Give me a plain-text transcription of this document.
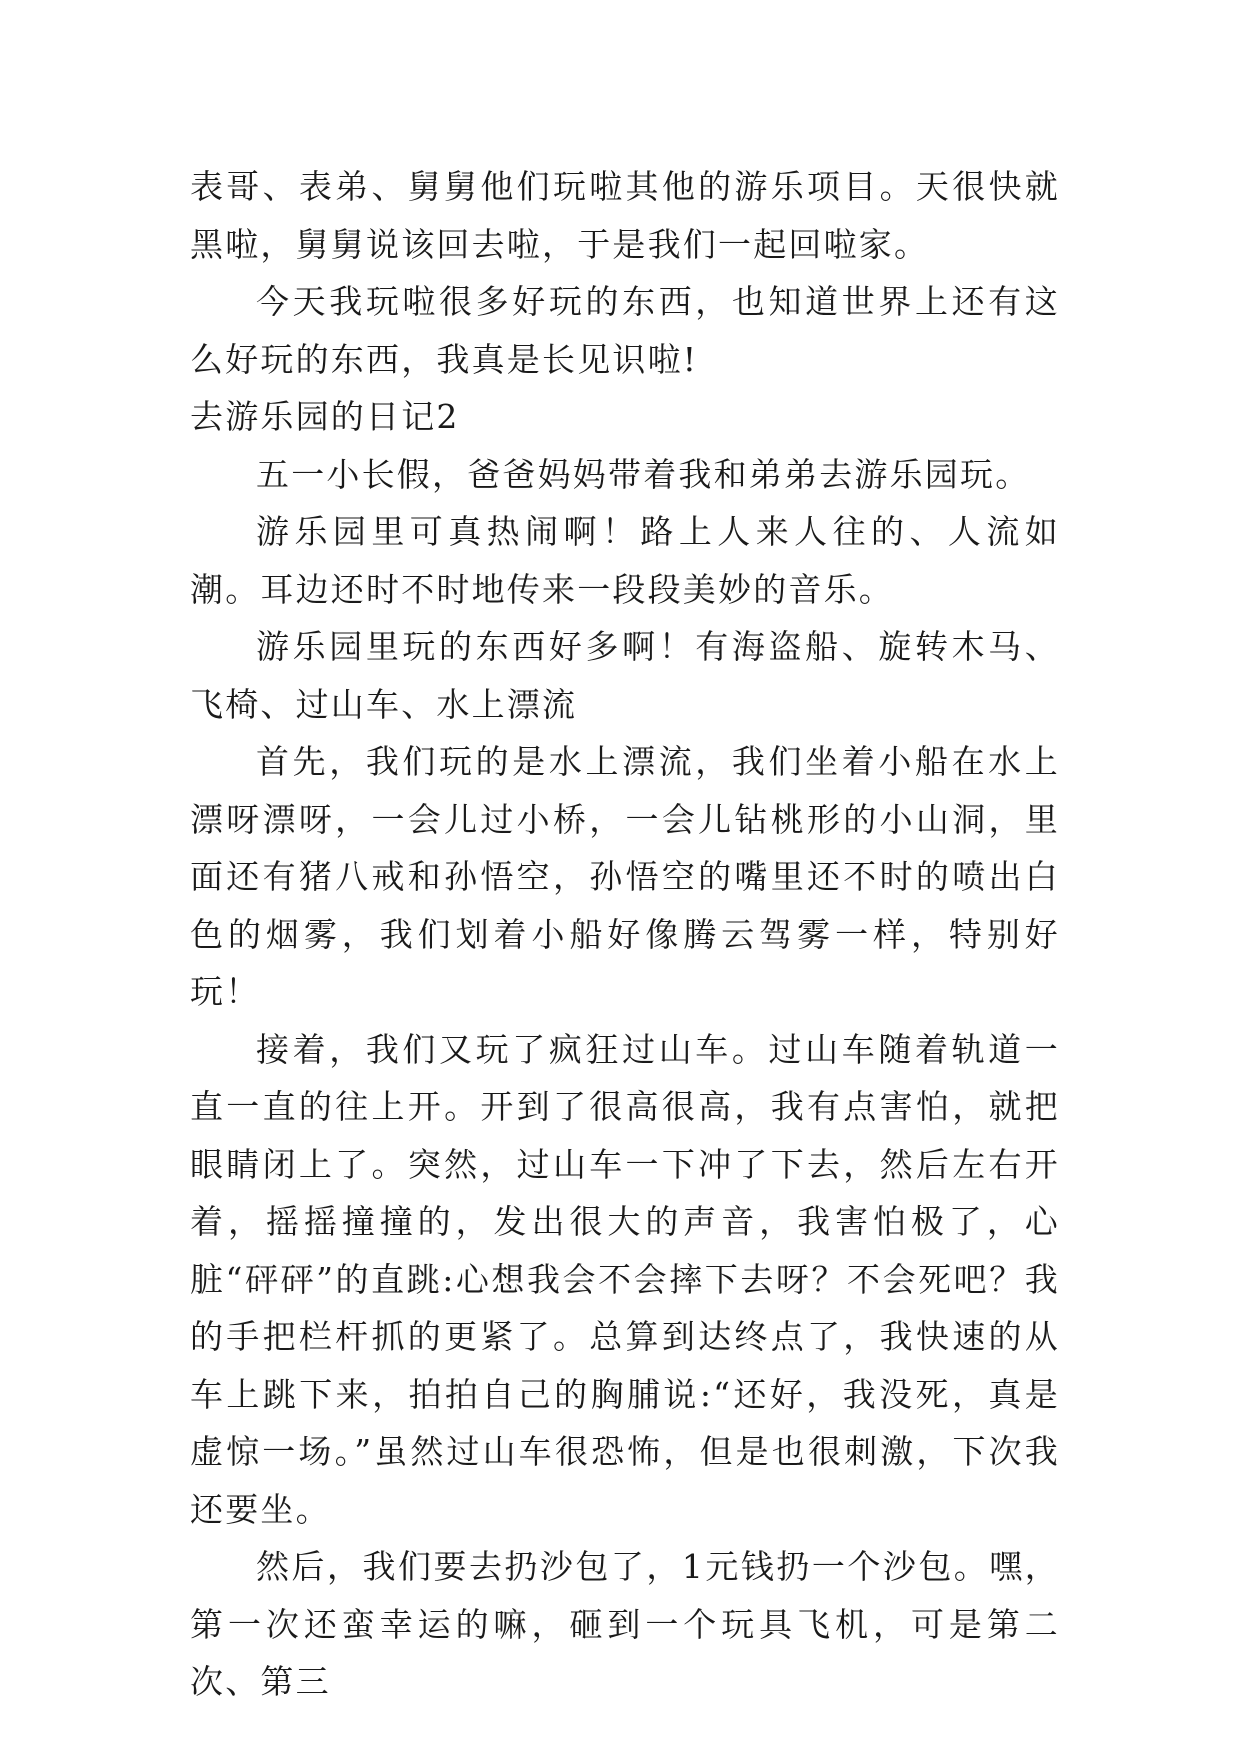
表哥、表弟、舅舅他们玩啦其他的游乐项目。天很快就黑啦，舅舅说该回去啦，于是我们一起回啦家。

今天我玩啦很多好玩的东西，也知道世界上还有这么好玩的东西，我真是长见识啦!

去游乐园的日记2

五一小长假，爸爸妈妈带着我和弟弟去游乐园玩。

游乐园里可真热闹啊！路上人来人往的、人流如潮。耳边还时不时地传来一段段美妙的音乐。

游乐园里玩的东西好多啊！有海盗船、旋转木马、飞椅、过山车、水上漂流

首先，我们玩的是水上漂流，我们坐着小船在水上漂呀漂呀，一会儿过小桥，一会儿钻桃形的小山洞，里面还有猪八戒和孙悟空，孙悟空的嘴里还不时的喷出白色的烟雾，我们划着小船好像腾云驾雾一样，特别好玩！

接着，我们又玩了疯狂过山车。过山车随着轨道一直一直的往上开。开到了很高很高，我有点害怕，就把眼睛闭上了。突然，过山车一下冲了下去，然后左右开着，摇摇撞撞的，发出很大的声音，我害怕极了，心脏“砰砰”的直跳:心想我会不会摔下去呀？不会死吧？我的手把栏杆抓的更紧了。总算到达终点了，我快速的从车上跳下来，拍拍自己的胸脯说:“还好，我没死，真是虚惊一场。”虽然过山车很恐怖，但是也很刺激，下次我还要坐。

然后，我们要去扔沙包了，1元钱扔一个沙包。嘿，第一次还蛮幸运的嘛，砸到一个玩具飞机，可是第二次、第三
